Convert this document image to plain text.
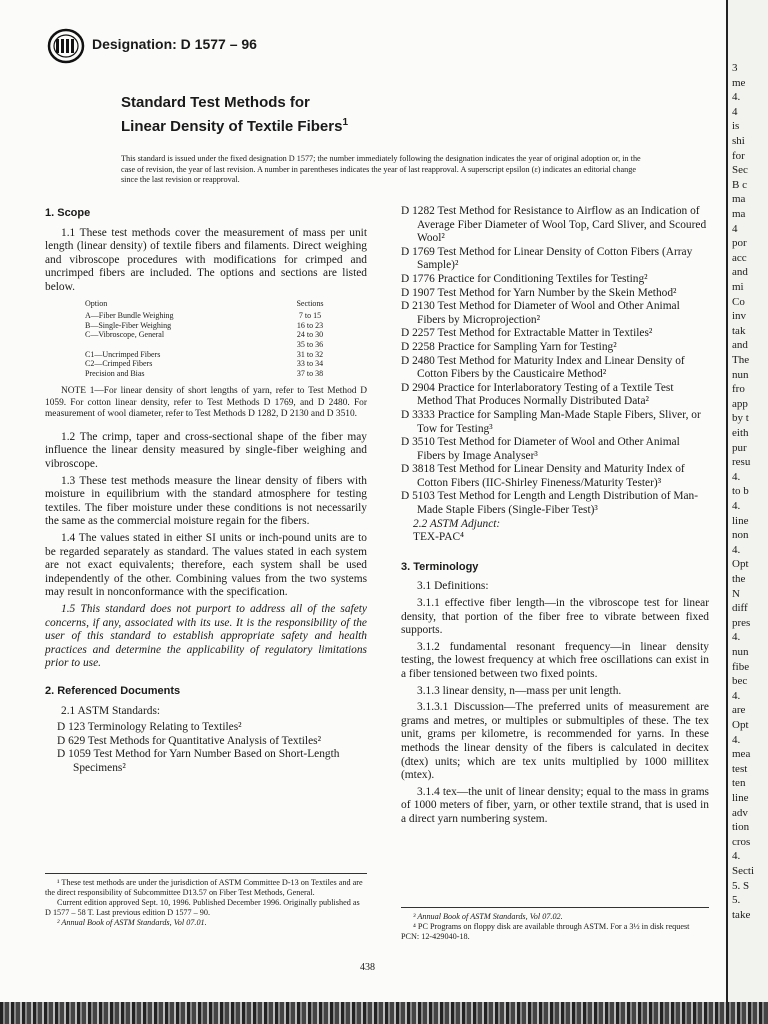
Designation: D 1577 – 96
Standard Test Methods for
Linear Density of Textile Fibers$^1$
This standard is issued under the fixed designation D 1577; the number immediately following the designation indicates the year of original adoption or, in the case of revision, the year of last revision. A number in parentheses indicates the year of last reapproval. A superscript epsilon (ε) indicates an editorial change since the last revision or reapproval.
1. Scope

1.1 These test methods cover the measurement of mass per unit length (linear density) of textile fibers and filaments. Direct weighing and vibroscope procedures with modifications for crimped and uncrimped fibers are included. The options and sections are listed below.

Option	Sections
A—Fiber Bundle Weighing	7 to 15
B—Single-Fiber Weighing	16 to 23
C—Vibroscope, General	24 to 30
	35 to 36
C1—Uncrimped Fibers	31 to 32
C2—Crimped Fibers	33 to 34
Precision and Bias	37 to 38
NOTE 1—For linear density of short lengths of yarn, refer to Test Method D 1059. For cotton linear density, refer to Test Methods D 1769, and D 2480. For measurement of wool diameter, refer to Test Methods D 1282, D 2130 and D 3510.

1.2 The crimp, taper and cross-sectional shape of the fiber may influence the linear density measured by single-fiber weighing and vibroscope.

1.3 These test methods measure the linear density of fibers with moisture in equilibrium with the standard atmosphere for testing textiles. The fiber moisture under these conditions is not necessarily the same as the commercial moisture regain for the fibers.

1.4 The values stated in either SI units or inch-pound units are to be regarded separately as standard. The values stated in each system are not exact equivalents; therefore, each system shall be used independently of the other. Combining values from the two systems may result in nonconformance with the specification.

1.5 This standard does not purport to address all of the safety concerns, if any, associated with its use. It is the responsibility of the user of this standard to establish appropriate safety and health practices and determine the applicability of regulatory limitations prior to use.

2. Referenced Documents

2.1 ASTM Standards:

D 123 Terminology Relating to Textiles²

D 629 Test Methods for Quantitative Analysis of Textiles²

D 1059 Test Method for Yarn Number Based on Short-Length Specimens²

¹ These test methods are under the jurisdiction of ASTM Committee D-13 on Textiles and are the direct responsibility of Subcommittee D13.57 on Fiber Test Methods, General.

Current edition approved Sept. 10, 1996. Published December 1996. Originally published as D 1577 – 58 T. Last previous edition D 1577 – 90.

² Annual Book of ASTM Standards, Vol 07.01.

D 1282 Test Method for Resistance to Airflow as an Indication of Average Fiber Diameter of Wool Top, Card Sliver, and Scoured Wool²

D 1769 Test Method for Linear Density of Cotton Fibers (Array Sample)²

D 1776 Practice for Conditioning Textiles for Testing²

D 1907 Test Method for Yarn Number by the Skein Method²

D 2130 Test Method for Diameter of Wool and Other Animal Fibers by Microprojection²

D 2257 Test Method for Extractable Matter in Textiles²

D 2258 Practice for Sampling Yarn for Testing²

D 2480 Test Method for Maturity Index and Linear Density of Cotton Fibers by the Causticaire Method²

D 2904 Practice for Interlaboratory Testing of a Textile Test Method That Produces Normally Distributed Data²

D 3333 Practice for Sampling Man-Made Staple Fibers, Sliver, or Tow for Testing³

D 3510 Test Method for Diameter of Wool and Other Animal Fibers by Image Analyser³

D 3818 Test Method for Linear Density and Maturity Index of Cotton Fibers (IIC-Shirley Fineness/Maturity Tester)³

D 5103 Test Method for Length and Length Distribution of Man-Made Staple Fibers (Single-Fiber Test)³

2.2 ASTM Adjunct:

TEX-PAC⁴

3. Terminology

3.1 Definitions:

3.1.1 effective fiber length—in the vibroscope test for linear density, that portion of the fiber free to vibrate between fixed supports.

3.1.2 fundamental resonant frequency—in linear density testing, the lowest frequency at which free oscillations can exist in a fiber tensioned between two fixed points.

3.1.3 linear density, n—mass per unit length.

3.1.3.1 Discussion—The preferred units of measurement are grams and metres, or multiples or submultiples of these. The tex unit, grams per kilometre, is recommended for yarns. In these methods the linear density of the fibers is calculated in decitex (dtex) units; which are tex units multiplied by 1000 millitex (mtex).

3.1.4 tex—the unit of linear density; equal to the mass in grams of 1000 meters of fiber, yarn, or other textile strand, that is used in a direct yarn numbering system.

³ Annual Book of ASTM Standards, Vol 07.02.

⁴ PC Programs on floppy disk are available through ASTM. For a 3½ in disk request PCN: 12-429040-18.

438
3
me
4.
4
is
shi
for
Sec
B c
ma
ma
4
por
acc
and
mi
Co
inv
tak
and
The
nun
fro
app
by t
eith
pur
resu
4.
to b
4.
line
non
4.
Opt
the
N
diff
pres
4.
nun
fibe
bec
4.
are
Opt
4.
mea
test
ten
line
adv
tion
cros
4.
Secti
5. S
5.
take
